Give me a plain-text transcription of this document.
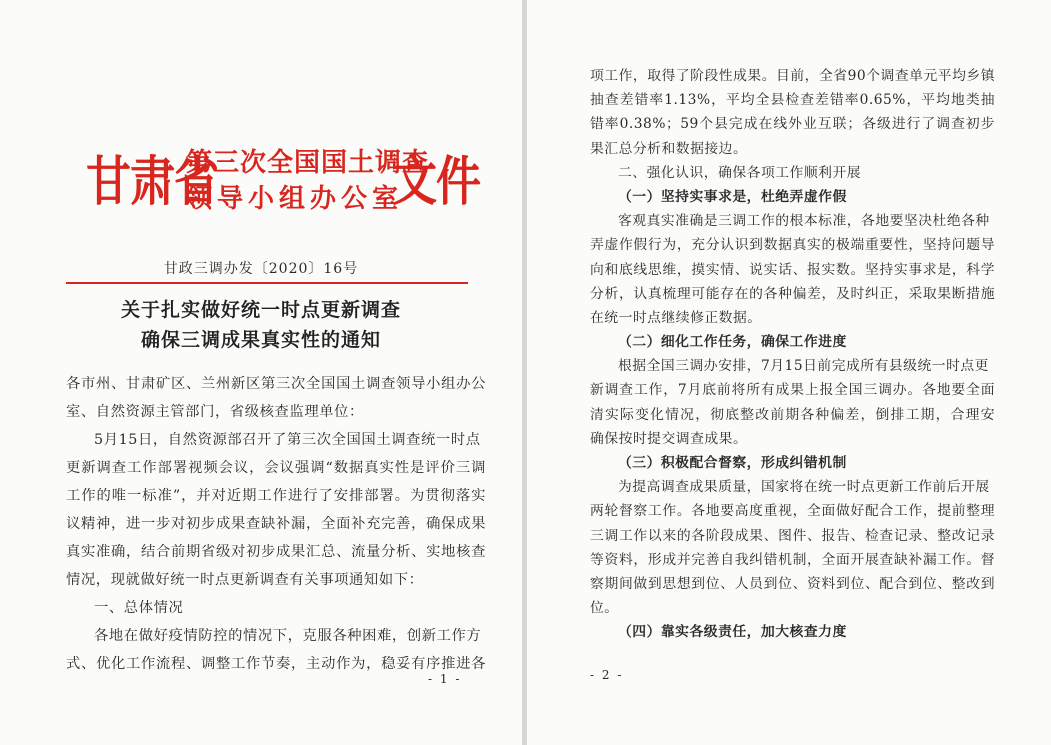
甘肃省
第三次全国国土调查
领导小组办公室
文件
甘政三调办发〔2020〕16号
关于扎实做好统一时点更新调查
确保三调成果真实性的通知
各市州、甘肃矿区、兰州新区第三次全国国土调查领导小组办公
室、自然资源主管部门，省级核查监理单位：
5月15日，自然资源部召开了第三次全国国土调查统一时点
更新调查工作部署视频会议，会议强调“数据真实性是评价三调
工作的唯一标准”，并对近期工作进行了安排部署。为贯彻落实
议精神，进一步对初步成果查缺补漏，全面补充完善，确保成果
真实准确，结合前期省级对初步成果汇总、流量分析、实地核查
情况，现就做好统一时点更新调查有关事项通知如下：
一、总体情况
各地在做好疫情防控的情况下，克服各种困难，创新工作方
式、优化工作流程、调整工作节奏，主动作为，稳妥有序推进各
- 1 -
项工作，取得了阶段性成果。目前，全省90个调查单元平均乡镇
抽查差错率1.13%，平均全县检查差错率0.65%，平均地类抽
错率0.38%；59个县完成在线外业互联；各级进行了调查初步
果汇总分析和数据接边。
二、强化认识，确保各项工作顺利开展
（一）坚持实事求是，杜绝弄虚作假
客观真实准确是三调工作的根本标准，各地要坚决杜绝各种
弄虚作假行为，充分认识到数据真实的极端重要性，坚持问题导
向和底线思维，摸实情、说实话、报实数。坚持实事求是，科学
分析，认真梳理可能存在的各种偏差，及时纠正，采取果断措施
在统一时点继续修正数据。
（二）细化工作任务，确保工作进度
根据全国三调办安排，7月15日前完成所有县级统一时点更
新调查工作，7月底前将所有成果上报全国三调办。各地要全面
清实际变化情况，彻底整改前期各种偏差，倒排工期，合理安
确保按时提交调查成果。
（三）积极配合督察，形成纠错机制
为提高调查成果质量，国家将在统一时点更新工作前后开展
两轮督察工作。各地要高度重视，全面做好配合工作，提前整理
三调工作以来的各阶段成果、图件、报告、检查记录、整改记录
等资料，形成并完善自我纠错机制，全面开展查缺补漏工作。督
察期间做到思想到位、人员到位、资料到位、配合到位、整改到
位。
（四）靠实各级责任，加大核查力度
- 2 -
